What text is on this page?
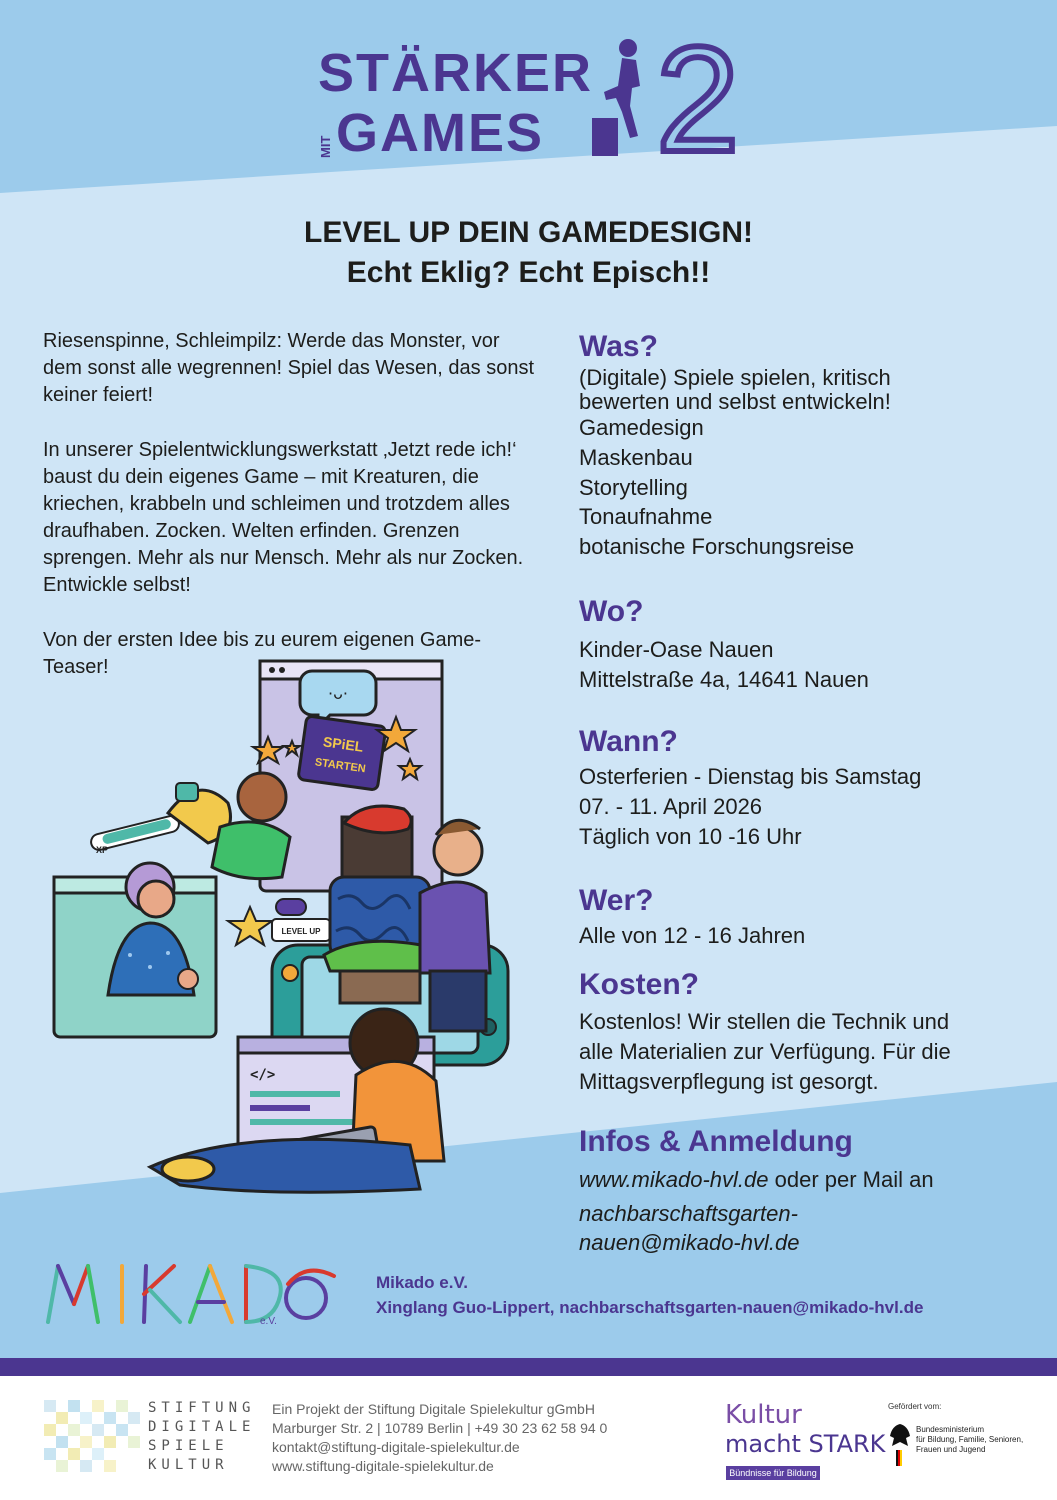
STÄRKER
MIT GAMES 2
LEVEL UP DEIN GAMEDESIGN!
Echt Eklig? Echt Episch!!

Riesenspinne, Schleimpilz: Werde das Monster, vor dem sonst alle wegrennen! Spiel das Wesen, das sonst keiner feiert!

In unserer Spielentwicklungswerkstatt ‚Jetzt rede ich!‘ baust du dein eigenes Game – mit Kreaturen, die kriechen, krabbeln und schleimen und trotzdem alles draufhaben. Zocken. Welten erfinden. Grenzen sprengen. Mehr als nur Mensch. Mehr als nur Zocken. Entwickle selbst!

Von der ersten Idee bis zu eurem eigenen Game-Teaser!

·ᴗ·
SPiEL
STARTEN
XP
LEVEL UP
</>
Was?
(Digitale) Spiele spielen, kritisch
bewerten und selbst entwickeln!
Gamedesign
Maskenbau
Storytelling
Tonaufnahme
botanische Forschungsreise
Wo?
Kinder-Oase Nauen
Mittelstraße 4a, 14641 Nauen
Wann?
Osterferien - Dienstag bis Samstag
07. - 11. April 2026
Täglich von 10 -16 Uhr
Wer?
Alle von 12 - 16 Jahren
Kosten?
Kostenlos! Wir stellen die Technik und
alle Materialien zur Verfügung. Für die
Mittagsverpflegung ist gesorgt.
Infos & Anmeldung
www.mikado-hvl.de oder per Mail an
nachbarschaftsgarten-
nauen@mikado-hvl.de
e.V.
Mikado e.V.
Xinglang Guo-Lippert, nachbarschaftsgarten-nauen@mikado-hvl.de
STIFTUNG
DIGITALE
SPIELE
KULTUR
Ein Projekt der Stiftung Digitale Spielekultur gGmbH
Marburger Str. 2 | 10789 Berlin | +49 30 23 62 58 94 0
kontakt@stiftung-digitale-spielekultur.de
www.stiftung-digitale-spielekultur.de
Kultur
macht STARK
Bündnisse für Bildung
Gefördert vom:
Bundesministerium
für Bildung, Familie, Senioren,
Frauen und Jugend
